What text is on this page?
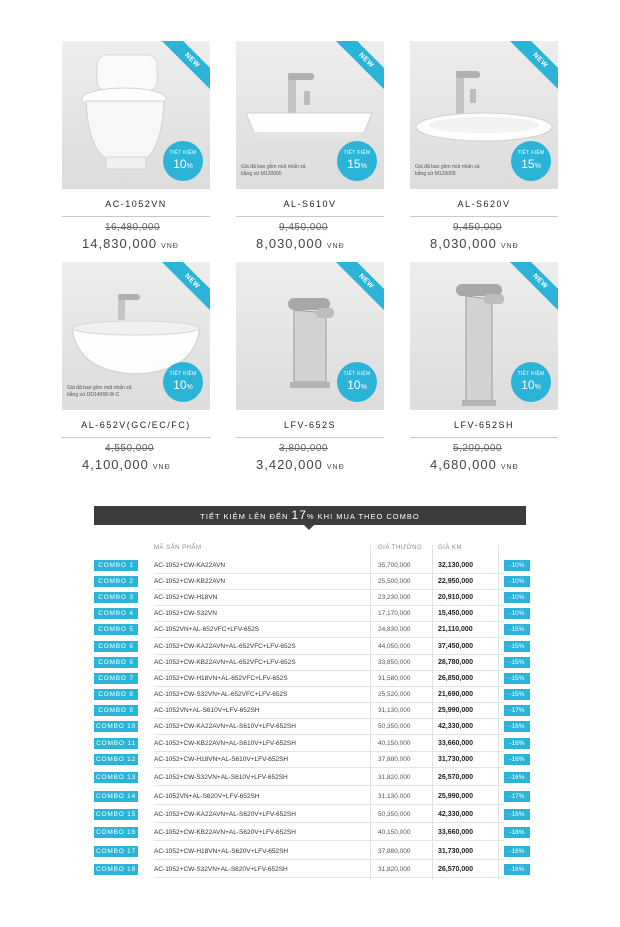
NEW
TIẾT KIỆM
10%
AC-1052VN
16,480,000
14,830,000 VNĐ
NEW
Giá đã bao gồm mút nhấn xả bằng sứ M120005
TIẾT KIỆM
15%
AL-S610V
9,450,000
8,030,000 VNĐ
NEW
Giá đã bao gồm mút nhấn xả bằng sứ M120005
TIẾT KIỆM
15%
AL-S620V
9,450,000
8,030,000 VNĐ
NEW
Giá đã bao gồm mút nhấn xả bằng sứ DD14068-W-C
TIẾT KIỆM
10%
AL-652V(GC/EC/FC)
4,550,000
4,100,000 VNĐ
NEW
TIẾT KIỆM
10%
LFV-652S
3,800,000
3,420,000 VNĐ
NEW
TIẾT KIỆM
10%
LFV-652SH
5,200,000
4,680,000 VNĐ
TIẾT KIỆM LÊN ĐẾN 17% KHI MUA THEO COMBO
MÃ SẢN PHẨM	GIÁ THƯỜNG	GIÁ KM
COMBO 1	AC-1052+CW-KA22AVN	35,700,000	32,130,000	-10%
COMBO 2	AC-1052+CW-KB22AVN	25,500,000	22,950,000	-10%
COMBO 3	AC-1052+CW-H18VN	23,230,000	20,910,000	-10%
COMBO 4	AC-1052+CW-S32VN	17,170,000	15,450,000	-10%
COMBO 5	AC-1052VN+AL-652VFC+LFV-652S	24,830,000	21,110,000	-15%
COMBO 6	AC-1052+CW-KA22AVN+AL-652VFC+LFV-652S	44,050,000	37,450,000	-15%
COMBO 6	AC-1052+CW-KB22AVN+AL-652VFC+LFV-652S	33,850,000	28,780,000	-15%
COMBO 7	AC-1052+CW-H18VN+AL-652VFC+LFV-652S	31,580,000	26,850,000	-15%
COMBO 8	AC-1052+CW-S32VN+AL-652VFC+LFV-652S	25,520,000	21,690,000	-15%
COMBO 9	AC-1052VN+AL-S610V+LFV-652SH	31,130,000	25,990,000	-17%
COMBO 10	AC-1052+CW-KA22AVN+AL-S610V+LFV-652SH	50,350,000	42,330,000	-16%
COMBO 11	AC-1052+CW-KB22AVN+AL-S610V+LFV-652SH	40,150,000	33,660,000	-16%
COMBO 12	AC-1052+CW-H18VN+AL-S610V+LFV-652SH	37,880,000	31,730,000	-16%
COMBO 13	AC-1052+CW-S32VN+AL-S610V+LFV-652SH	31,820,000	26,570,000	-16%
COMBO 14	AC-1052VN+AL-S620V+LFV-652SH	31,130,000	25,990,000	-17%
COMBO 15	AC-1052+CW-KA22AVN+AL-S620V+LFV-652SH	50,350,000	42,330,000	-16%
COMBO 16	AC-1052+CW-KB22AVN+AL-S620V+LFV-652SH	40,150,000	33,660,000	-16%
COMBO 17	AC-1052+CW-H18VN+AL-S620V+LFV-652SH	37,880,000	31,730,000	-16%
COMBO 18	AC-1052+CW-S32VN+AL-S620V+LFV-652SH	31,820,000	26,570,000	-16%
